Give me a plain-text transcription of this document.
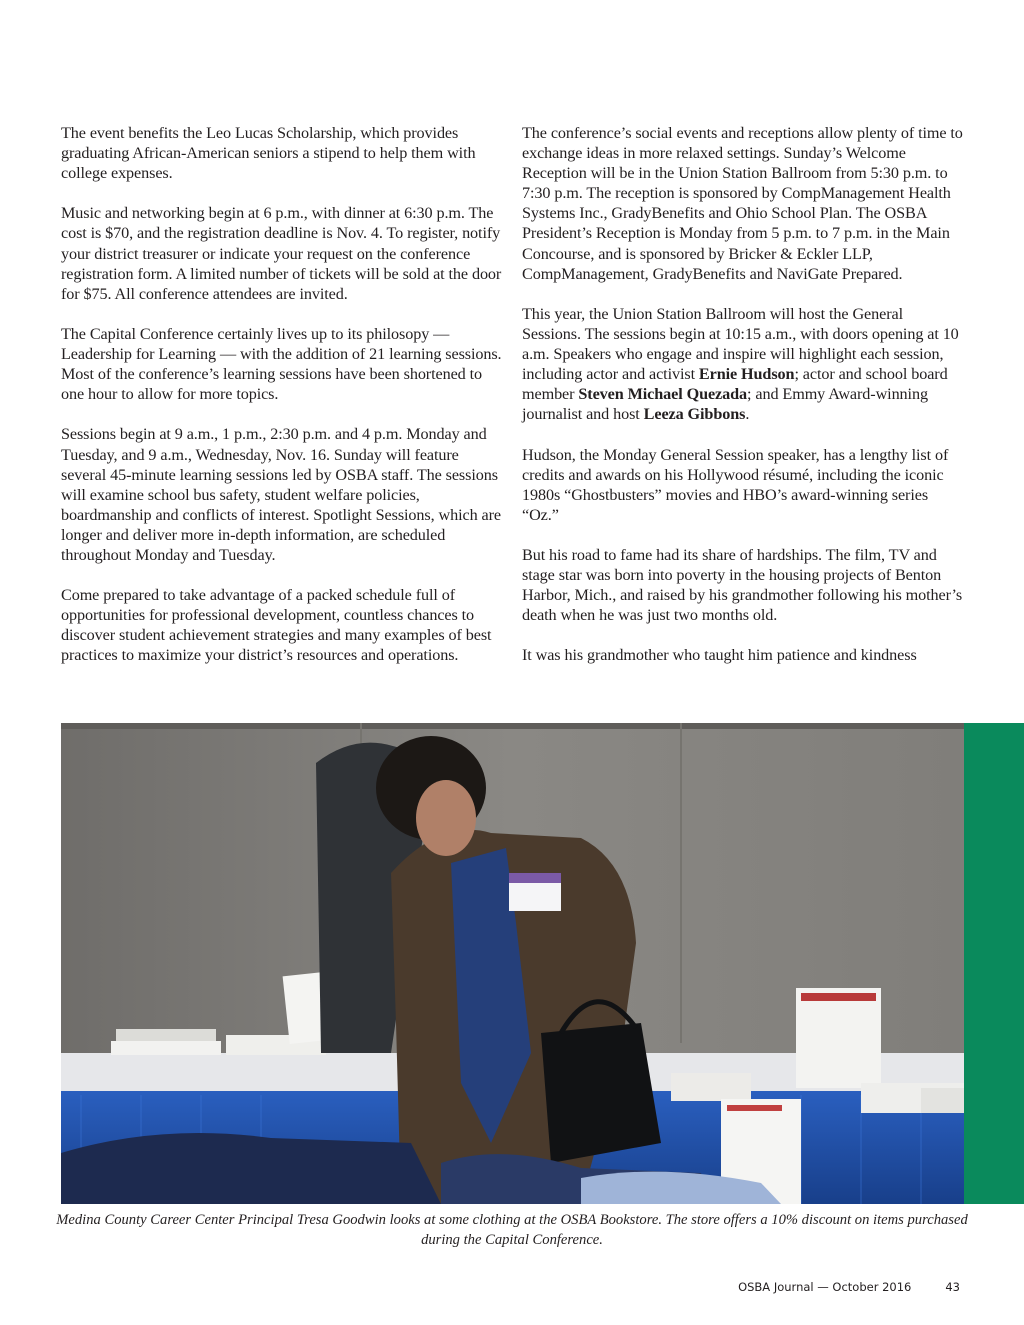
The event benefits the Leo Lucas Scholarship, which provides graduating African-American seniors a stipend to help them with college expenses.

Music and networking begin at 6 p.m., with dinner at 6:30 p.m. The cost is $70, and the registration deadline is Nov. 4. To register, notify your district treasurer or indicate your request on the conference registration form. A limited number of tickets will be sold at the door for $75. All conference attendees are invited.

The Capital Conference certainly lives up to its philosopy — Leadership for Learning — with the addition of 21 learning sessions. Most of the conference’s learning sessions have been shortened to one hour to allow for more topics.

Sessions begin at 9 a.m., 1 p.m., 2:30 p.m. and 4 p.m. Monday and Tuesday, and 9 a.m., Wednesday, Nov. 16. Sunday will feature several 45-minute learning sessions led by OSBA staff. The sessions will examine school bus safety, student welfare policies, boardmanship and conflicts of interest. Spotlight Sessions, which are longer and deliver more in-depth information, are scheduled throughout Monday and Tuesday.

Come prepared to take advantage of a packed schedule full of opportunities for professional development, countless chances to discover student achievement strategies and many examples of best practices to maximize your district’s resources and operations.

The conference’s social events and receptions allow plenty of time to exchange ideas in more relaxed settings. Sunday’s Welcome Reception will be in the Union Station Ballroom from 5:30 p.m. to 7:30 p.m. The reception is sponsored by CompManagement Health Systems Inc., GradyBenefits and Ohio School Plan. The OSBA President’s Reception is Monday from 5 p.m. to 7 p.m. in the Main Concourse, and is sponsored by Bricker & Eckler LLP, CompManagement, GradyBenefits and NaviGate Prepared.

This year, the Union Station Ballroom will host the General Sessions. The sessions begin at 10:15 a.m., with doors opening at 10 a.m. Speakers who engage and inspire will highlight each session, including actor and activist Ernie Hudson; actor and school board member Steven Michael Quezada; and Emmy Award-winning journalist and host Leeza Gibbons.

Hudson, the Monday General Session speaker, has a lengthy list of credits and awards on his Hollywood résumé, including the iconic 1980s “Ghostbusters” movies and HBO’s award-winning series “Oz.”

But his road to fame had its share of hardships. The film, TV and stage star was born into poverty in the housing projects of Benton Harbor, Mich., and raised by his grandmother following his mother’s death when he was just two months old.

It was his grandmother who taught him patience and kindness

Medina County Career Center Principal Tresa Goodwin looks at some clothing at the OSBA Bookstore. The store offers a 10% discount on items purchased during the Capital Conference.
OSBA Journal — October 2016	43
